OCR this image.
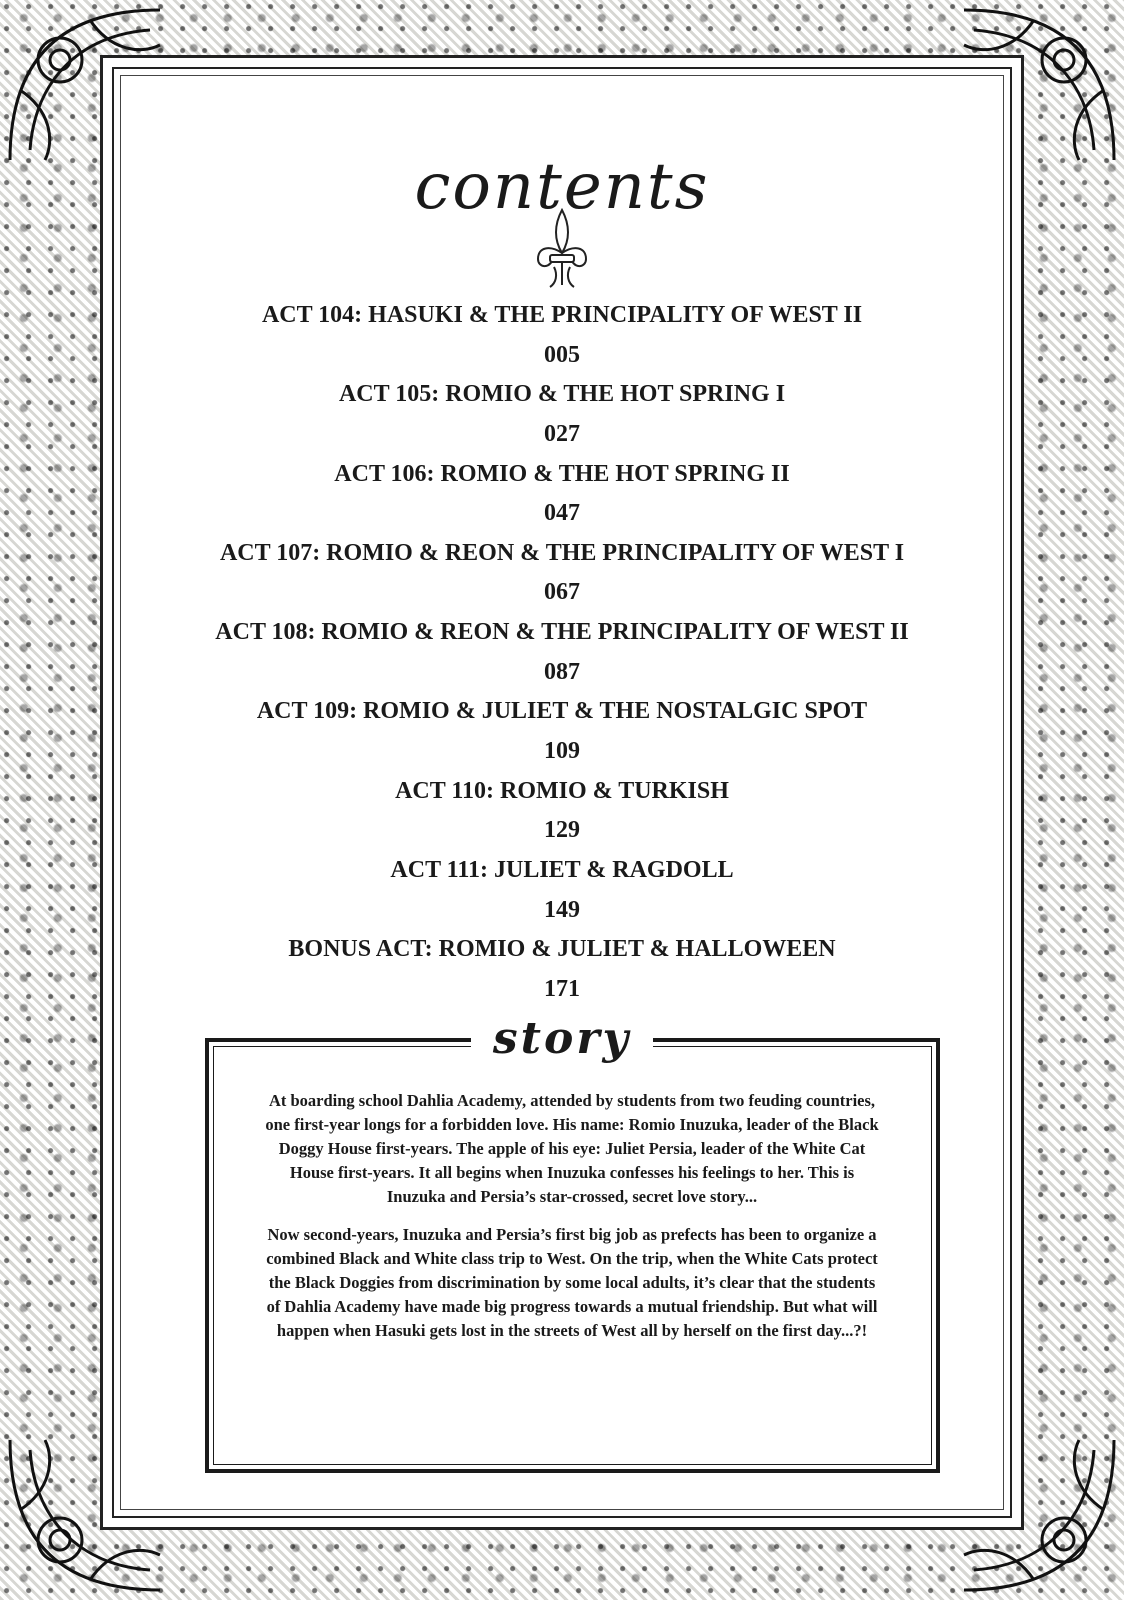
contents
ACT 104: HASUKI & THE PRINCIPALITY OF WEST II
005
ACT 105: ROMIO & THE HOT SPRING I
027
ACT 106: ROMIO & THE HOT SPRING II
047
ACT 107: ROMIO & REON & THE PRINCIPALITY OF WEST I
067
ACT 108: ROMIO & REON & THE PRINCIPALITY OF WEST II
087
ACT 109: ROMIO & JULIET & THE NOSTALGIC SPOT
109
ACT 110: ROMIO & TURKISH
129
ACT 111: JULIET & RAGDOLL
149
BONUS ACT: ROMIO & JULIET & HALLOWEEN
171
story

At boarding school Dahlia Academy, attended by students from two feuding countries, one first-year longs for a forbidden love. His name: Romio Inuzuka, leader of the Black Doggy House first-years. The apple of his eye: Juliet Persia, leader of the White Cat House first-years. It all begins when Inuzuka confesses his feelings to her. This is Inuzuka and Persia’s star-crossed, secret love story...

Now second-years, Inuzuka and Persia’s first big job as prefects has been to organize a combined Black and White class trip to West. On the trip, when the White Cats protect the Black Doggies from discrimination by some local adults, it’s clear that the students of Dahlia Academy have made big progress towards a mutual friendship. But what will happen when Hasuki gets lost in the streets of West all by herself on the first day...?!
